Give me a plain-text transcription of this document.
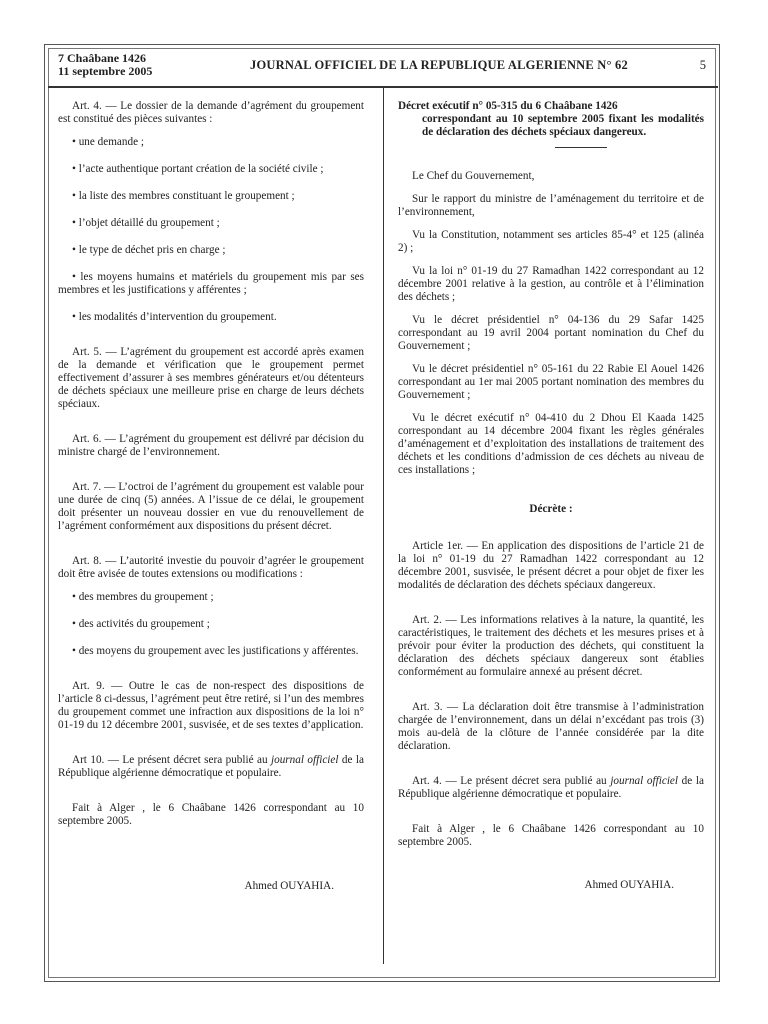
7 Chaâbane 1426
11 septembre 2005	JOURNAL OFFICIEL DE LA REPUBLIQUE ALGERIENNE N° 62	5

Art. 4. — Le dossier de la demande d’agrément du groupement est constitué des pièces suivantes :

• une demande ;

• l’acte authentique portant création de la société civile ;

• la liste des membres constituant le groupement ;

• l’objet détaillé du groupement ;

• le type de déchet pris en charge ;

• les moyens humains et matériels du groupement mis par ses membres et les justifications y afférentes ;

• les modalités d’intervention du groupement.

Art. 5. — L’agrément du groupement est accordé après examen de la demande et vérification que le groupement permet effectivement d’assurer à ses membres générateurs et/ou détenteurs de déchets spéciaux une meilleure prise en charge de leurs déchets spéciaux.

Art. 6. — L’agrément du groupement est délivré par décision du ministre chargé de l’environnement.

Art. 7. — L’octroi de l’agrément du groupement est valable pour une durée de cinq (5) années. A l’issue de ce délai, le groupement doit présenter un nouveau dossier en vue du renouvellement de l’agrément conformément aux dispositions du présent décret.

Art. 8. — L’autorité investie du pouvoir d’agréer le groupement doit être avisée de toutes extensions ou modifications :

• des membres du groupement ;

• des activités du groupement ;

• des moyens du groupement avec les justifications y afférentes.

Art. 9. — Outre le cas de non-respect des dispositions de l’article 8 ci-dessus, l’agrément peut être retiré, si l’un des membres du groupement commet une infraction aux dispositions de la loi n° 01-19 du 12 décembre 2001, susvisée, et de ses textes d’application.

Art 10. — Le présent décret sera publié au journal officiel de la République algérienne démocratique et populaire.

Fait à Alger , le 6 Chaâbane 1426 correspondant au 10 septembre 2005.

Ahmed OUYAHIA.

Décret exécutif n° 05-315 du 6 Chaâbane 1426
correspondant au 10 septembre 2005 fixant les modalités de déclaration des déchets spéciaux dangereux.

Le Chef du Gouvernement,

Sur le rapport du ministre de l’aménagement du territoire et de l’environnement,

Vu la Constitution, notamment ses articles 85-4° et 125 (alinéa 2) ;

Vu la loi n° 01-19 du 27 Ramadhan 1422 correspondant au 12 décembre 2001 relative à la gestion, au contrôle et à l’élimination des déchets ;

Vu le décret présidentiel n° 04-136 du 29 Safar 1425 correspondant au 19 avril 2004 portant nomination du Chef du Gouvernement ;

Vu le décret présidentiel n° 05-161 du 22 Rabie El Aouel 1426 correspondant au 1er mai 2005 portant nomination des membres du Gouvernement ;

Vu le décret exécutif n° 04-410 du 2 Dhou El Kaada 1425 correspondant au 14 décembre 2004 fixant les règles générales d’aménagement et d’exploitation des installations de traitement des déchets et les conditions d’admission de ces déchets au niveau de ces installations ;

Décrète :

Article 1er. — En application des dispositions de l’article 21 de la loi n° 01-19 du 27 Ramadhan 1422 correspondant au 12 décembre 2001, susvisée, le présent décret a pour objet de fixer les modalités de déclaration des déchets spéciaux dangereux.

Art. 2. — Les informations relatives à la nature, la quantité, les caractéristiques, le traitement des déchets et les mesures prises et à prévoir pour éviter la production des déchets, qui constituent la déclaration des déchets spéciaux dangereux sont établies conformément au formulaire annexé au présent décret.

Art. 3. — La déclaration doit être transmise à l’administration chargée de l’environnement, dans un délai n’excédant pas trois (3) mois au-delà de la clôture de l’année considérée par la dite déclaration.

Art. 4. — Le présent décret sera publié au journal officiel de la République algérienne démocratique et populaire.

Fait à Alger , le 6 Chaâbane 1426 correspondant au 10 septembre 2005.

Ahmed OUYAHIA.
